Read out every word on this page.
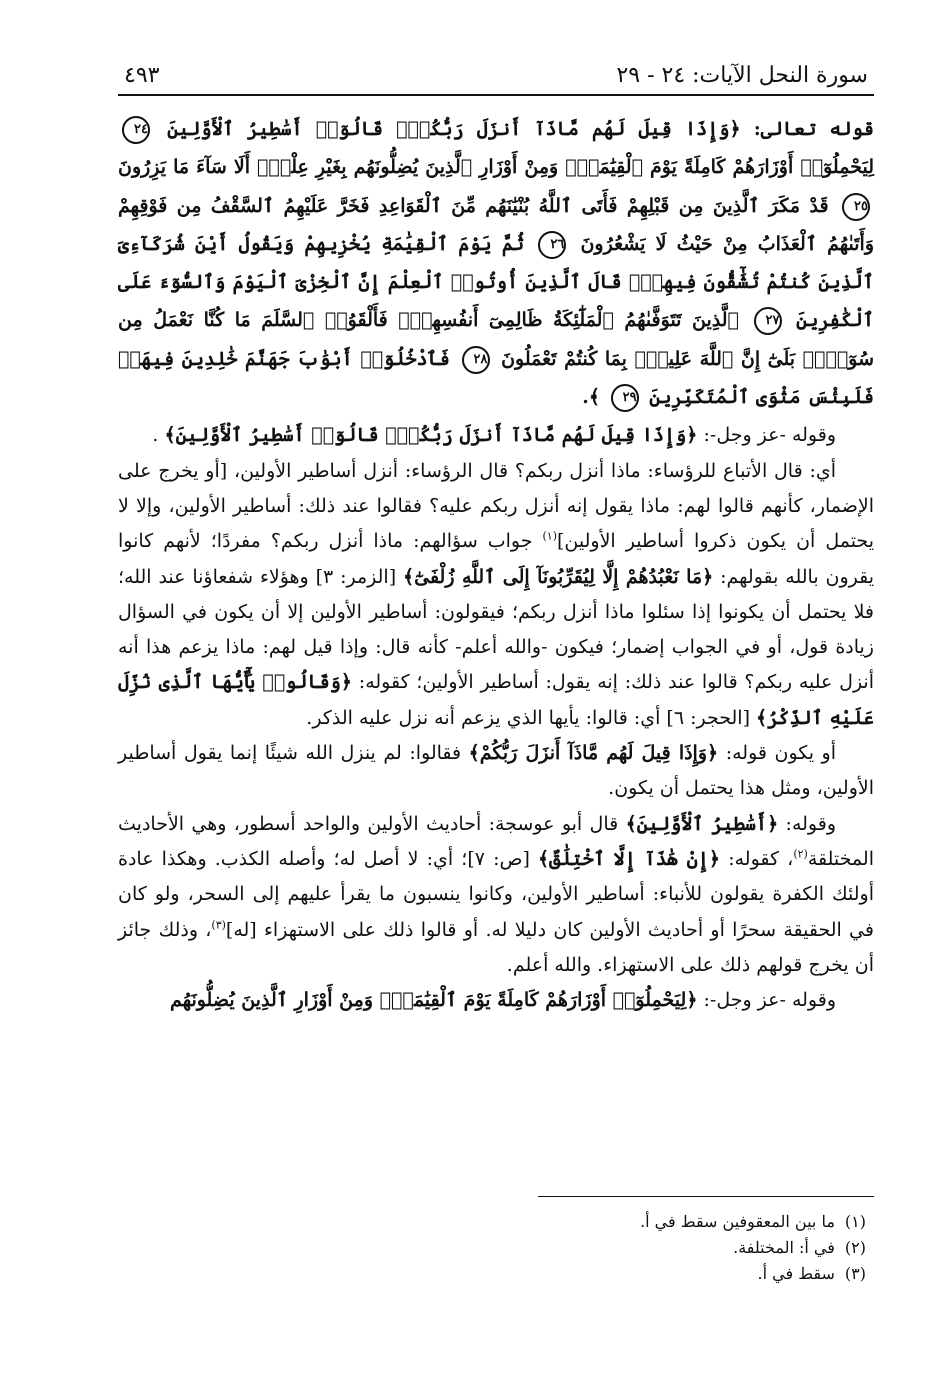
سورة النحل الآيات: ٢٤ - ٢٩
٤٩٣

قوله تعالى: ﴿وَإِذَا قِيلَ لَهُم مَّاذَآ أَنزَلَ رَبُّكُمْۙ قَالُوٓا۟ أَسَٰطِيرُ ٱلْأَوَّلِينَ ٢٤ لِيَحْمِلُوٓا۟ أَوْزَارَهُمْ كَامِلَةً يَوْمَ ٱلْقِيَٰمَةِۙ وَمِنْ أَوْزَارِ ٱلَّذِينَ يُضِلُّونَهُم بِغَيْرِ عِلْمٍۗ أَلَا سَآءَ مَا يَزِرُونَ ٢٥ قَدْ مَكَرَ ٱلَّذِينَ مِن قَبْلِهِمْ فَأَتَى ٱللَّهُ بُنْيَٰنَهُم مِّنَ ٱلْقَوَاعِدِ فَخَرَّ عَلَيْهِمُ ٱلسَّقْفُ مِن فَوْقِهِمْ وَأَتَىٰهُمُ ٱلْعَذَابُ مِنْ حَيْثُ لَا يَشْعُرُونَ ٢٦ ثُمَّ يَوْمَ ٱلْقِيَٰمَةِ يُخْزِيهِمْ وَيَقُولُ أَيْنَ شُرَكَآءِىَ ٱلَّذِينَ كُنتُمْ تُشَٰٓقُّونَ فِيهِمْۚ قَالَ ٱلَّذِينَ أُوتُوا۟ ٱلْعِلْمَ إِنَّ ٱلْخِزْىَ ٱلْيَوْمَ وَٱلسُّوٓءَ عَلَى ٱلْكَٰفِرِينَ ٢٧ ٱلَّذِينَ تَتَوَفَّىٰهُمُ ٱلْمَلَٰٓئِكَةُ ظَالِمِىٓ أَنفُسِهِمْۖ فَأَلْقَوُا۟ ٱلسَّلَمَ مَا كُنَّا نَعْمَلُ مِن سُوٓءٍۭۚ بَلَىٰٓ إِنَّ ٱللَّهَ عَلِيمٌۢ بِمَا كُنتُمْ تَعْمَلُونَ ٢٨ فَٱدْخُلُوٓا۟ أَبْوَٰبَ جَهَنَّمَ خَٰلِدِينَ فِيهَاۖ فَلَبِئْسَ مَثْوَى ٱلْمُتَكَبِّرِينَ ٢٩ ﴾.

وقوله -عز وجل-: ﴿وَإِذَا قِيلَ لَهُم مَّاذَآ أَنزَلَ رَبُّكُمْۙ قَالُوٓا۟ أَسَٰطِيرُ ٱلْأَوَّلِينَ﴾ .

أي: قال الأتباع للرؤساء: ماذا أنزل ربكم؟ قال الرؤساء: أنزل أساطير الأولين، [أو يخرج على الإضمار، كأنهم قالوا لهم: ماذا يقول إنه أنزل ربكم عليه؟ فقالوا عند ذلك: أساطير الأولين، وإلا لا يحتمل أن يكون ذكروا أساطير الأولين]$^{(١)}$ جواب سؤالهم: ماذا أنزل ربكم؟ مفردًا؛ لأنهم كانوا يقرون بالله بقولهم: ﴿مَا نَعْبُدُهُمْ إِلَّا لِيُقَرِّبُونَآ إِلَى ٱللَّهِ زُلْفَىٰٓ﴾ [الزمر: ٣] وهؤلاء شفعاؤنا عند الله؛ فلا يحتمل أن يكونوا إذا سئلوا ماذا أنزل ربكم؛ فيقولون: أساطير الأولين إلا أن يكون في السؤال زيادة قول، أو في الجواب إضمار؛ فيكون -والله أعلم- كأنه قال: وإذا قيل لهم: ماذا يزعم هذا أنه أنزل عليه ربكم؟ قالوا عند ذلك: إنه يقول: أساطير الأولين؛ كقوله: ﴿وَقَالُوا۟ يَٰٓأَيُّهَا ٱلَّذِى نُزِّلَ عَلَيْهِ ٱلذِّكْرُ﴾ [الحجر: ٦] أي: قالوا: يأيها الذي يزعم أنه نزل عليه الذكر.

أو يكون قوله: ﴿وَإِذَا قِيلَ لَهُم مَّاذَآ أَنزَلَ رَبُّكُمْ﴾ فقالوا: لم ينزل الله شيئًا إنما يقول أساطير الأولين، ومثل هذا يحتمل أن يكون.

وقوله: ﴿أَسَٰطِيرُ ٱلْأَوَّلِينَ﴾ قال أبو عوسجة: أحاديث الأولين والواحد أسطور، وهي الأحاديث المختلقة$^{(٢)}$، كقوله: ﴿إِنْ هَٰذَآ إِلَّا ٱخْتِلَٰقٌ﴾ [ص: ٧]؛ أي: لا أصل له؛ وأصله الكذب. وهكذا عادة أولئك الكفرة يقولون للأنباء: أساطير الأولين، وكانوا ينسبون ما يقرأ عليهم إلى السحر، ولو كان في الحقيقة سحرًا أو أحاديث الأولين كان دليلا له. أو قالوا ذلك على الاستهزاء [له]$^{(٣)}$، وذلك جائز أن يخرج قولهم ذلك على الاستهزاء. والله أعلم.

وقوله -عز وجل-: ﴿لِيَحْمِلُوٓا۟ أَوْزَارَهُمْ كَامِلَةً يَوْمَ ٱلْقِيَٰمَةِۙ وَمِنْ أَوْزَارِ ٱلَّذِينَ يُضِلُّونَهُم

(١)ما بين المعقوفين سقط في أ.
(٢)في أ: المختلفة.
(٣)سقط في أ.
